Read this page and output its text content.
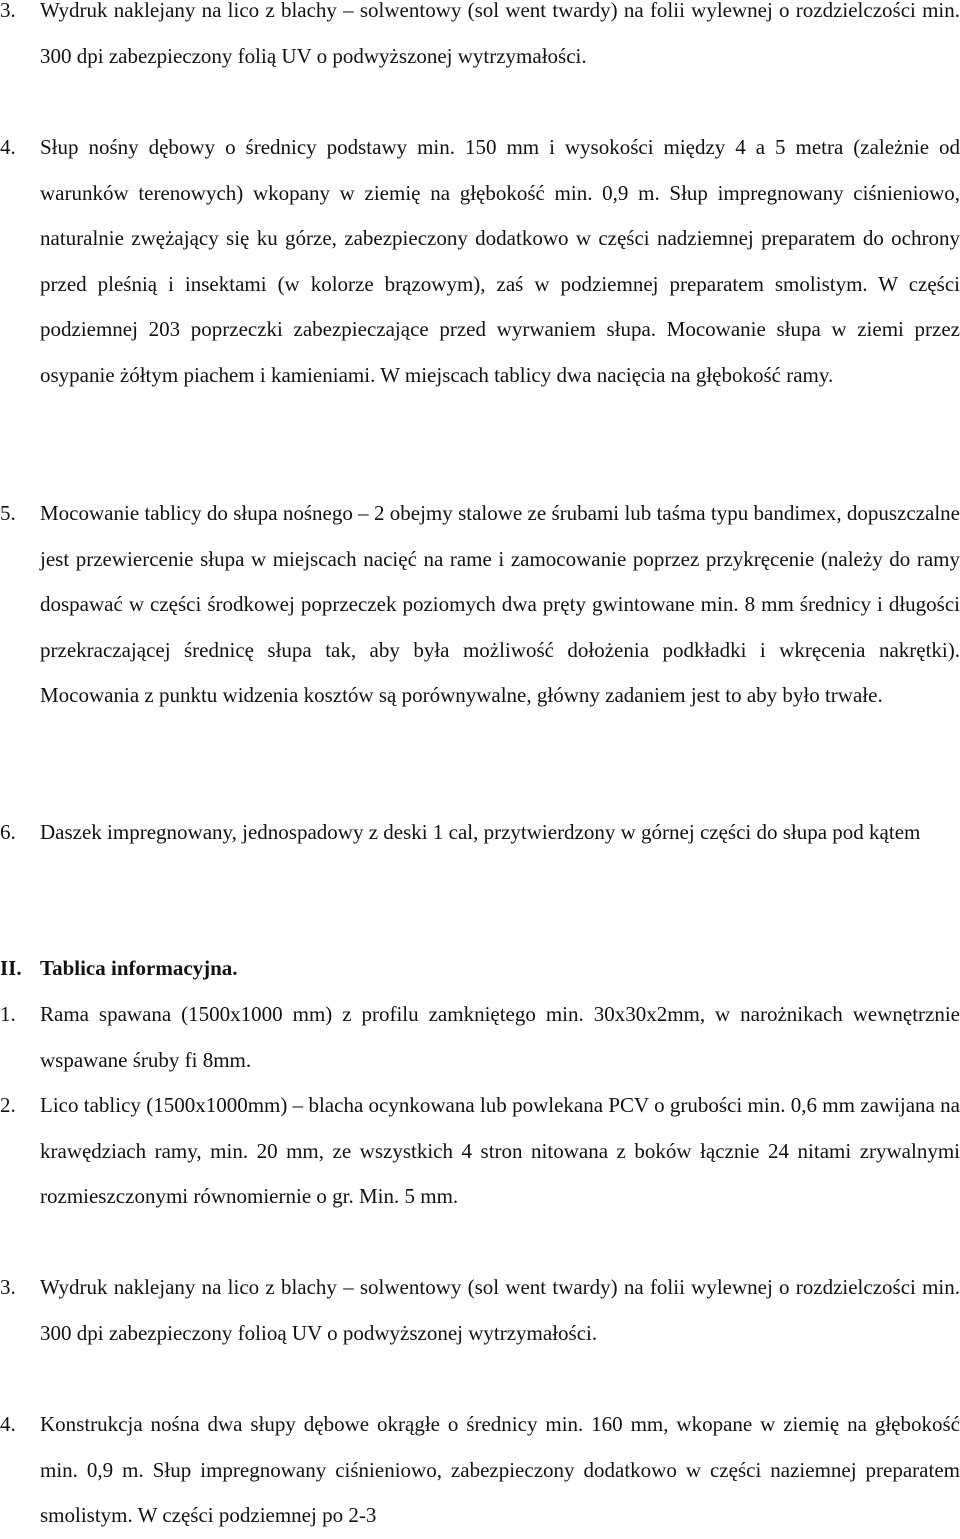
3.	Wydruk naklejany na lico z blachy – solwentowy (sol went twardy) na folii wylewnej o rozdzielczości min. 300 dpi zabezpieczony folią UV o podwyższonej wytrzymałości.
4.	Słup nośny dębowy o średnicy podstawy min. 150 mm i wysokości między 4 a 5 metra (zależnie od warunków terenowych) wkopany w ziemię na głębokość min. 0,9 m. Słup impregnowany ciśnieniowo, naturalnie zwężający się ku górze, zabezpieczony dodatkowo w części nadziemnej preparatem do ochrony przed pleśnią i insektami (w kolorze brązowym), zaś w podziemnej preparatem smolistym. W części podziemnej 203 poprzeczki zabezpieczające przed wyrwaniem słupa. Mocowanie słupa w ziemi przez osypanie żółtym piachem i kamieniami. W miejscach tablicy dwa nacięcia na głębokość ramy.
5.	Mocowanie tablicy do słupa nośnego – 2 obejmy stalowe ze śrubami lub taśma typu bandimex, dopuszczalne jest przewiercenie słupa w miejscach nacięć na rame i zamocowanie poprzez przykręcenie (należy do ramy dospawać w części środkowej poprzeczek poziomych dwa pręty gwintowane min. 8 mm średnicy i długości przekraczającej średnicę słupa tak, aby była możliwość dołożenia podkładki i wkręcenia nakrętki). Mocowania z punktu widzenia kosztów są porównywalne, główny zadaniem jest to aby było trwałe.
6.	Daszek impregnowany, jednospadowy z deski 1 cal, przytwierdzony w górnej części do słupa pod kątem
II. Tablica informacyjna.
1.	Rama spawana (1500x1000 mm) z profilu zamkniętego min. 30x30x2mm, w narożnikach wewnętrznie wspawane śruby fi 8mm.
2.	Lico tablicy (1500x1000mm) – blacha ocynkowana lub powlekana PCV o grubości min. 0,6 mm zawijana na krawędziach ramy, min. 20 mm, ze wszystkich 4 stron nitowana z boków łącznie 24 nitami zrywalnymi rozmieszczonymi równomiernie o gr. Min. 5 mm.
3.	Wydruk naklejany na lico z blachy – solwentowy (sol went twardy) na folii wylewnej o rozdzielczości min. 300 dpi zabezpieczony folioą UV o podwyższonej wytrzymałości.
4.	Konstrukcja nośna dwa słupy dębowe okrągłe o średnicy min. 160 mm, wkopane w ziemię na głębokość min. 0,9 m. Słup impregnowany ciśnieniowo, zabezpieczony dodatkowo w części naziemnej preparatem smolistym. W części podziemnej po 2-3
